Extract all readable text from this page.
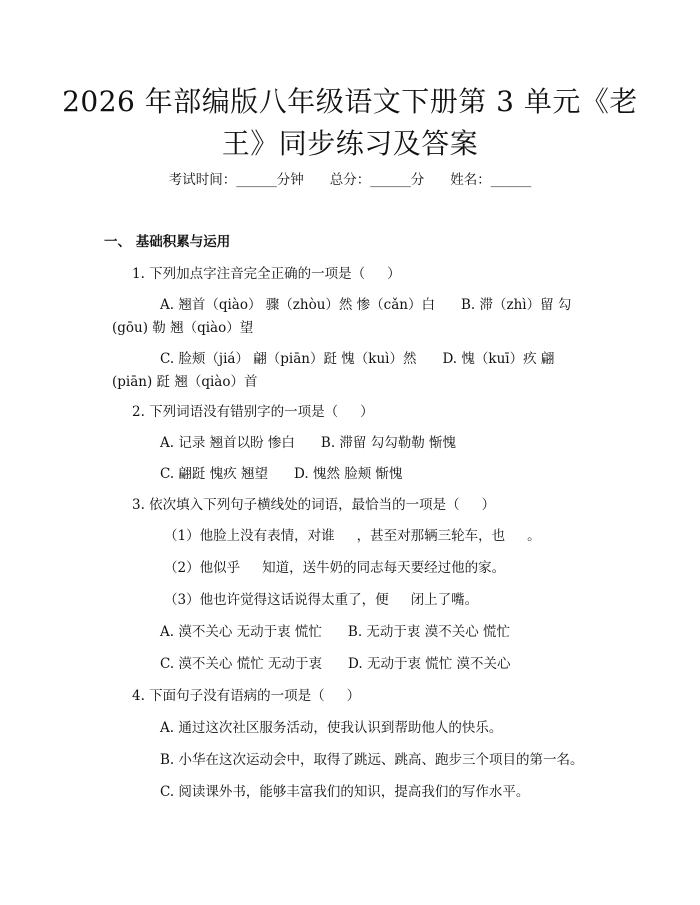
2026 年部编版八年级语文下册第 3 单元《老
王》同步练习及答案
考试时间：______分钟 总分：______分 姓名：______
一、 基础积累与运用
1. 下列加点字注音完全正确的一项是（ ）
A. 翘首（qiào） 骤（zhòu）然 惨（cǎn）白 B. 滞（zhì）留 勾
(gōu) 勒 翘（qiào）望
C. 脸颊（jiá） 翩（piān）跹 愧（kuì）然 D. 愧（kuī）疚 翩
(piān) 跹 翘（qiào）首
2. 下列词语没有错别字的一项是（ ）
A. 记录 翘首以盼 惨白 B. 滞留 勾勾勒勒 惭愧
C. 翩跹 愧疚 翘望 D. 愧然 脸颊 惭愧
3. 依次填入下列句子横线处的词语，最恰当的一项是（ ）
（1）他脸上没有表情，对谁 ，甚至对那辆三轮车，也 。
（2）他似乎 知道，送牛奶的同志每天要经过他的家。
（3）他也许觉得这话说得太重了，便 闭上了嘴。
A. 漠不关心 无动于衷 慌忙 B. 无动于衷 漠不关心 慌忙
C. 漠不关心 慌忙 无动于衷 D. 无动于衷 慌忙 漠不关心
4. 下面句子没有语病的一项是（ ）
A. 通过这次社区服务活动，使我认识到帮助他人的快乐。
B. 小华在这次运动会中，取得了跳远、跳高、跑步三个项目的第一名。
C. 阅读课外书，能够丰富我们的知识，提高我们的写作水平。
